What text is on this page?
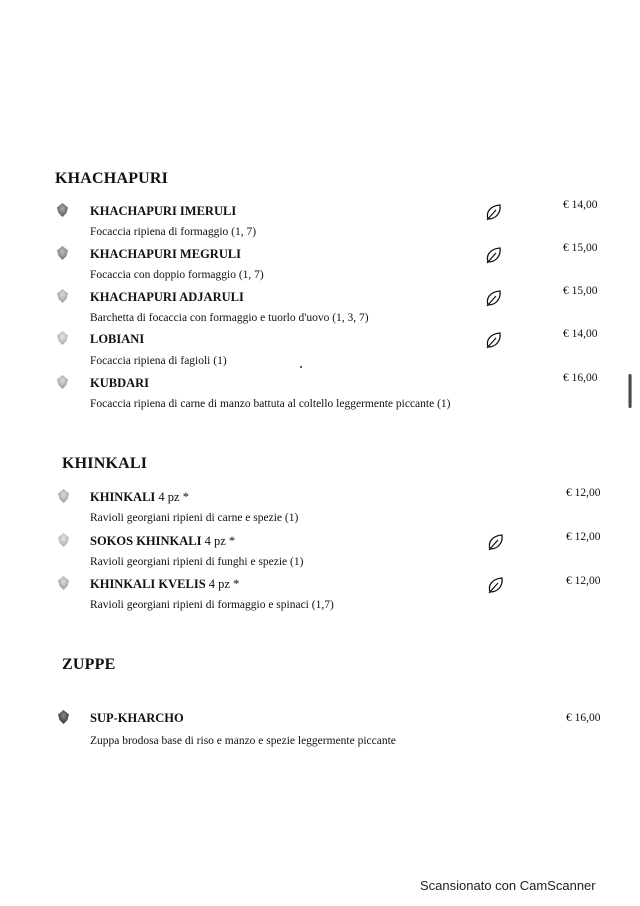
KHACHAPURI
KHACHAPURI IMERULI
Focaccia ripiena di formaggio (1, 7)
€ 14,00
KHACHAPURI MEGRULI
Focaccia con doppio formaggio (1, 7)
€ 15,00
KHACHAPURI ADJARULI
Barchetta di focaccia con formaggio e tuorlo d'uovo (1, 3, 7)
€ 15,00
LOBIANI
Focaccia ripiena di fagioli (1)
€ 14,00
KUBDARI
Focaccia ripiena di carne di manzo battuta al coltello leggermente piccante (1)
€ 16,00
KHINKALI
KHINKALI 4 pz *
Ravioli georgiani ripieni di carne e spezie (1)
€ 12,00
SOKOS KHINKALI 4 pz *
Ravioli georgiani ripieni di funghi e spezie (1)
€ 12,00
KHINKALI KVELIS 4 pz *
Ravioli georgiani ripieni di formaggio e spinaci (1,7)
€ 12,00
ZUPPE
SUP-KHARCHO
Zuppa brodosa base di riso e manzo e spezie leggermente piccante
€ 16,00
Scansionato con CamScanner
